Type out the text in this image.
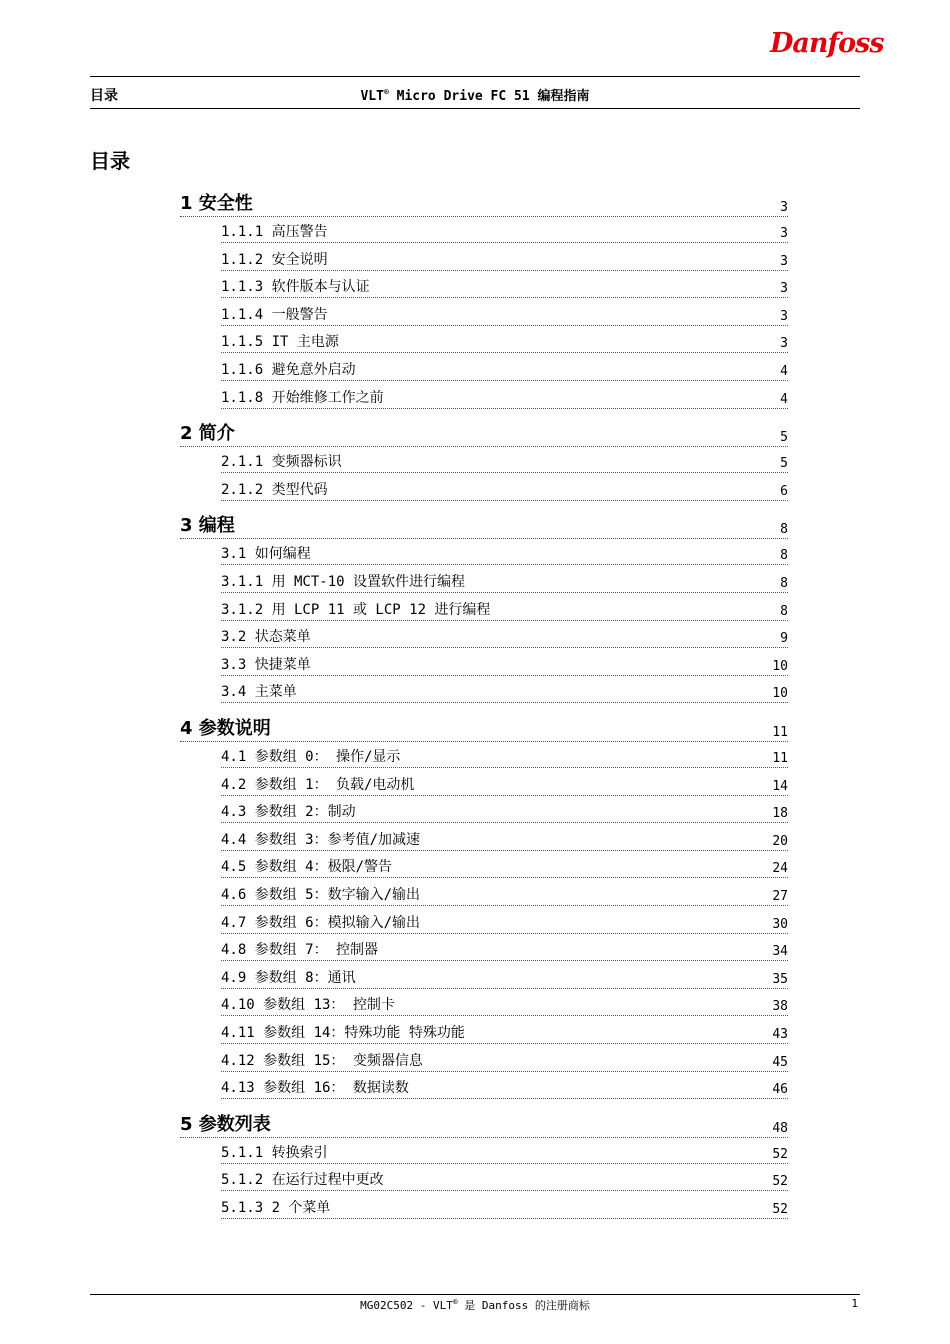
Danfoss
目录	VLT® Micro Drive FC 51 编程指南
目录
1 安全性	3
1.1.1 高压警告	3
1.1.2 安全说明	3
1.1.3 软件版本与认证	3
1.1.4 一般警告	3
1.1.5 IT 主电源	3
1.1.6 避免意外启动	4
1.1.8 开始维修工作之前	4
2 简介	5
2.1.1 变频器标识	5
2.1.2 类型代码	6
3 编程	8
3.1 如何编程	8
3.1.1 用 MCT-10 设置软件进行编程	8
3.1.2 用 LCP 11 或 LCP 12 进行编程	8
3.2 状态菜单	9
3.3 快捷菜单	10
3.4 主菜单	10
4 参数说明	11
4.1 参数组 0： 操作/显示	11
4.2 参数组 1： 负载/电动机	14
4.3 参数组 2：制动	18
4.4 参数组 3：参考值/加减速	20
4.5 参数组 4：极限/警告	24
4.6 参数组 5：数字输入/输出	27
4.7 参数组 6：模拟输入/输出	30
4.8 参数组 7： 控制器	34
4.9 参数组 8：通讯	35
4.10 参数组 13： 控制卡	38
4.11 参数组 14：特殊功能 特殊功能	43
4.12 参数组 15： 变频器信息	45
4.13 参数组 16： 数据读数	46
5 参数列表	48
5.1.1 转换索引	52
5.1.2 在运行过程中更改	52
5.1.3 2 个菜单	52
MG02C502 - VLT® 是 Danfoss 的注册商标	1
